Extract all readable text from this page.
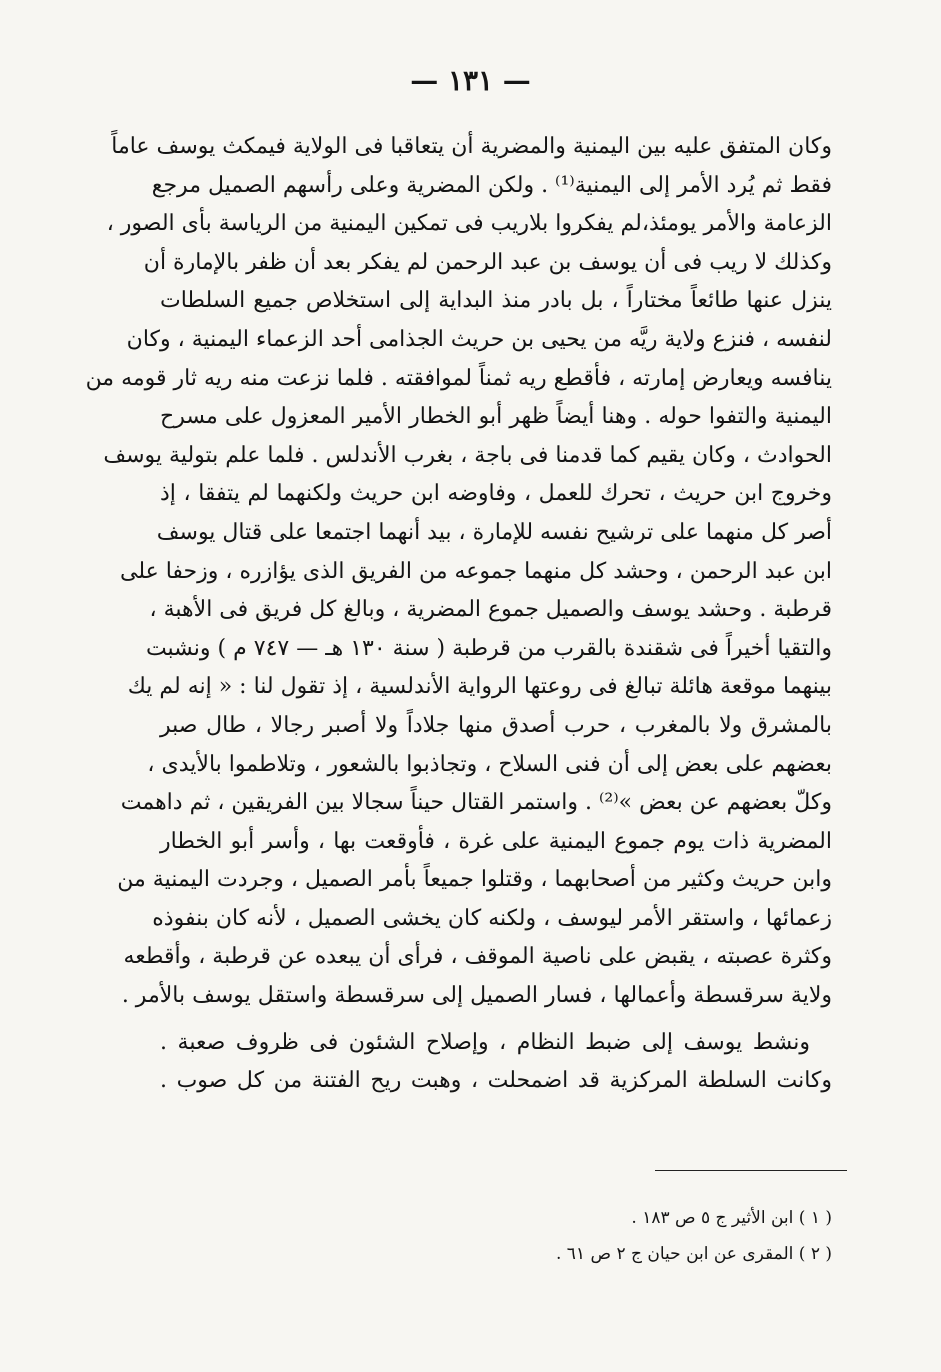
— ١٣١ —
وكان المتفق عليه بين اليمنية والمضرية أن يتعاقبا فى الولاية فيمكث يوسف عاماً
فقط ثم يُرد الأمر إلى اليمنية⁽¹⁾ . ولكن المضرية وعلى رأسهم الصميل مرجع
الزعامة والأمر يومئذ،لم يفكروا بلاريب فى تمكين اليمنية من الرياسة بأى الصور ،
وكذلك لا ريب فى أن يوسف بن عبد الرحمن لم يفكر بعد أن ظفر بالإمارة أن
ينزل عنها طائعاً مختاراً ، بل بادر منذ البداية إلى استخلاص جميع السلطات
لنفسه ، فنزع ولاية ريَّه من يحيى بن حريث الجذامى أحد الزعماء اليمنية ، وكان
ينافسه ويعارض إمارته ، فأقطع ريه ثمناً لموافقته . فلما نزعت منه ريه ثار قومه من
اليمنية والتفوا حوله . وهنا أيضاً ظهر أبو الخطار الأمير المعزول على مسرح
الحوادث ، وكان يقيم كما قدمنا فى باجة ، بغرب الأندلس . فلما علم بتولية يوسف
وخروج ابن حريث ، تحرك للعمل ، وفاوضه ابن حريث ولكنهما لم يتفقا ، إذ
أصر كل منهما على ترشيح نفسه للإمارة ، بيد أنهما اجتمعا على قتال يوسف
ابن عبد الرحمن ، وحشد كل منهما جموعه من الفريق الذى يؤازره ، وزحفا على
قرطبة . وحشد يوسف والصميل جموع المضرية ، وبالغ كل فريق فى الأهبة ،
والتقيا أخيراً فى شقندة بالقرب من قرطبة ( سنة ١٣٠ هـ — ٧٤٧ م ) ونشبت
بينهما موقعة هائلة تبالغ فى روعتها الرواية الأندلسية ، إذ تقول لنا : « إنه لم يك
بالمشرق ولا بالمغرب ، حرب أصدق منها جلاداً ولا أصبر رجالا ، طال صبر
بعضهم على بعض إلى أن فنى السلاح ، وتجاذبوا بالشعور ، وتلاطموا بالأيدى ،
وكلّ بعضهم عن بعض »⁽²⁾ . واستمر القتال حيناً سجالا بين الفريقين ، ثم داهمت
المضرية ذات يوم جموع اليمنية على غرة ، فأوقعت بها ، وأسر أبو الخطار
وابن حريث وكثير من أصحابهما ، وقتلوا جميعاً بأمر الصميل ، وجردت اليمنية من
زعمائها ، واستقر الأمر ليوسف ، ولكنه كان يخشى الصميل ، لأنه كان بنفوذه
وكثرة عصبته ، يقبض على ناصية الموقف ، فرأى أن يبعده عن قرطبة ، وأقطعه
ولاية سرقسطة وأعمالها ، فسار الصميل إلى سرقسطة واستقل يوسف بالأمر .
ونشط يوسف إلى ضبط النظام ، وإصلاح الشئون فى ظروف صعبة .
وكانت السلطة المركزية قد اضمحلت ، وهبت ريح الفتنة من كل صوب .
( ١ ) ابن الأثير ج ٥ ص ١٨٣ .
( ٢ ) المقرى عن ابن حيان ج ٢ ص ٦١ .
